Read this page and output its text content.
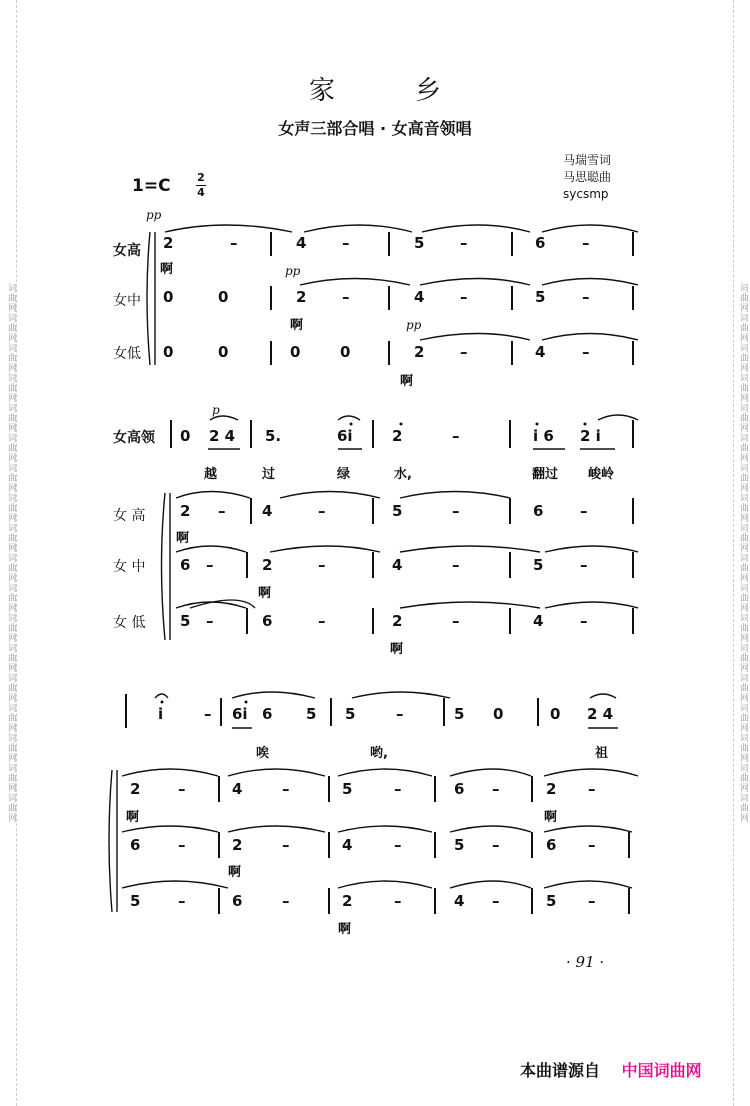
词曲网词曲网词曲网词曲网词曲网词曲网词曲网词曲网词曲网词曲网词曲网词曲网词曲网词曲网词曲网词曲网词曲网词曲网	词曲网词曲网词曲网词曲网词曲网词曲网词曲网词曲网词曲网词曲网词曲网词曲网词曲网词曲网词曲网词曲网词曲网词曲网
家乡
女声三部合唱 · 女高音领唱
马瑞雪词
马思聪曲
sycsmp
1=C 2
4
pp
女高
女中
女低
2	–	4 –	5 –	6 –
啊	pp
0	0	2 –	4 –	5 –
啊	pp
0	0	0	0	2 –	4 –
啊
女高领
p
0 2 4 5.	6i	2	–	i 6 2 i
越	过	绿	水,	翻过 峻岭
女 高
女 中
女 低
2 – 4	–	5	–	6 –
啊
6 –	2	–	4	–	5 –
啊
5 –	6	–	2	–	4 –
啊
i	– 6i 6 5 5	–	5 0	0 2 4
唉	哟,	祖
2	–	4	–	5	–	6 –	2 –
啊	啊
6	–	2	–	4	–	5 –	6 –
啊
5	–	6	–	2	–	4 –	5 –
啊
· 91 ·
本曲谱源自 中国词曲网
